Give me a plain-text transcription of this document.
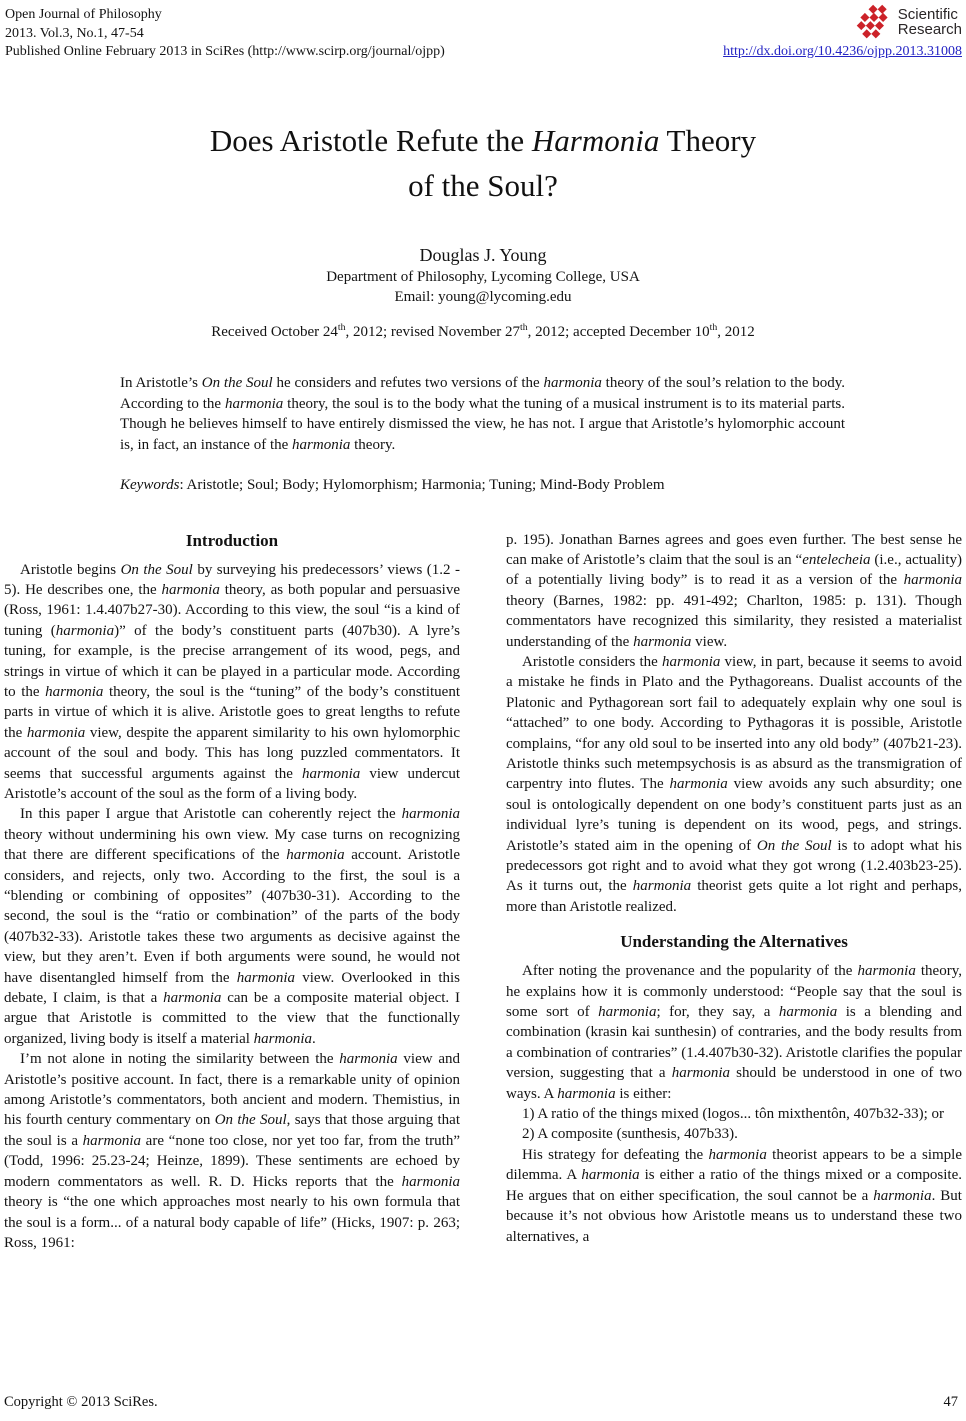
Open Journal of Philosophy
2013. Vol.3, No.1, 47-54
Published Online February 2013 in SciRes (http://www.scirp.org/journal/ojpp)
Scientific
Research
http://dx.doi.org/10.4236/ojpp.2013.31008
Does Aristotle Refute the Harmonia Theory
of the Soul?
Douglas J. Young
Department of Philosophy, Lycoming College, USA
Email: young@lycoming.edu
Received October 24th, 2012; revised November 27th, 2012; accepted December 10th, 2012
In Aristotle’s On the Soul he considers and refutes two versions of the harmonia theory of the soul’s relation to the body. According to the harmonia theory, the soul is to the body what the tuning of a musical instrument is to its material parts. Though he believes himself to have entirely dismissed the view, he has not. I argue that Aristotle’s hylomorphic account is, in fact, an instance of the harmonia theory.
Keywords: Aristotle; Soul; Body; Hylomorphism; Harmonia; Tuning; Mind-Body Problem
Introduction

Aristotle begins On the Soul by surveying his predecessors’ views (1.2 - 5). He describes one, the harmonia theory, as both popular and persuasive (Ross, 1961: 1.4.407b27-30). According to this view, the soul “is a kind of tuning (harmonia)” of the body’s constituent parts (407b30). A lyre’s tuning, for example, is the precise arrangement of its wood, pegs, and strings in virtue of which it can be played in a particular mode. According to the harmonia theory, the soul is the “tuning” of the body’s constituent parts in virtue of which it is alive. Aristotle goes to great lengths to refute the harmonia view, despite the apparent similarity to his own hylomorphic account of the soul and body. This has long puzzled commentators. It seems that successful arguments against the harmonia view undercut Aristotle’s account of the soul as the form of a living body.

In this paper I argue that Aristotle can coherently reject the harmonia theory without undermining his own view. My case turns on recognizing that there are different specifications of the harmonia account. Aristotle considers, and rejects, only two. According to the first, the soul is a “blending or combining of opposites” (407b30-31). According to the second, the soul is the “ratio or combination” of the parts of the body (407b32-33). Aristotle takes these two arguments as decisive against the view, but they aren’t. Even if both arguments were sound, he would not have disentangled himself from the harmonia view. Overlooked in this debate, I claim, is that a harmonia can be a composite material object. I argue that Aristotle is committed to the view that the functionally organized, living body is itself a material harmonia.

I’m not alone in noting the similarity between the harmonia view and Aristotle’s positive account. In fact, there is a remarkable unity of opinion among Aristotle’s commentators, both ancient and modern. Themistius, in his fourth century commentary on On the Soul, says that those arguing that the soul is a harmonia are “none too close, nor yet too far, from the truth” (Todd, 1996: 25.23-24; Heinze, 1899). These sentiments are echoed by modern commentators as well. R. D. Hicks reports that the harmonia theory is “the one which approaches most nearly to his own formula that the soul is a form... of a natural body capable of life” (Hicks, 1907: p. 263; Ross, 1961:

p. 195). Jonathan Barnes agrees and goes even further. The best sense he can make of Aristotle’s claim that the soul is an “entelecheia (i.e., actuality) of a potentially living body” is to read it as a version of the harmonia theory (Barnes, 1982: pp. 491-492; Charlton, 1985: p. 131). Though commentators have recognized this similarity, they resisted a materialist understanding of the harmonia view.

Aristotle considers the harmonia view, in part, because it seems to avoid a mistake he finds in Plato and the Pythagoreans. Dualist accounts of the Platonic and Pythagorean sort fail to adequately explain why one soul is “attached” to one body. According to Pythagoras it is possible, Aristotle complains, “for any old soul to be inserted into any old body” (407b21-23). Aristotle thinks such metempsychosis is as absurd as the transmigration of carpentry into flutes. The harmonia view avoids any such absurdity; one soul is ontologically dependent on one body’s constituent parts just as an individual lyre’s tuning is dependent on its wood, pegs, and strings. Aristotle’s stated aim in the opening of On the Soul is to adopt what his predecessors got right and to avoid what they got wrong (1.2.403b23-25). As it turns out, the harmonia theorist gets quite a lot right and perhaps, more than Aristotle realized.

Understanding the Alternatives

After noting the provenance and the popularity of the harmonia theory, he explains how it is commonly understood: “People say that the soul is some sort of harmonia; for, they say, a harmonia is a blending and combination (krasin kai sunthesin) of contraries, and the body results from a combination of contraries” (1.4.407b30-32). Aristotle clarifies the popular version, suggesting that a harmonia should be understood in one of two ways. A harmonia is either:

1) A ratio of the things mixed (logos... tôn mixthentôn, 407b32-33); or

2) A composite (sunthesis, 407b33).

His strategy for defeating the harmonia theorist appears to be a simple dilemma. A harmonia is either a ratio of the things mixed or a composite. He argues that on either specification, the soul cannot be a harmonia. But because it’s not obvious how Aristotle means us to understand these two alternatives, a

Copyright © 2013 SciRes.	47
